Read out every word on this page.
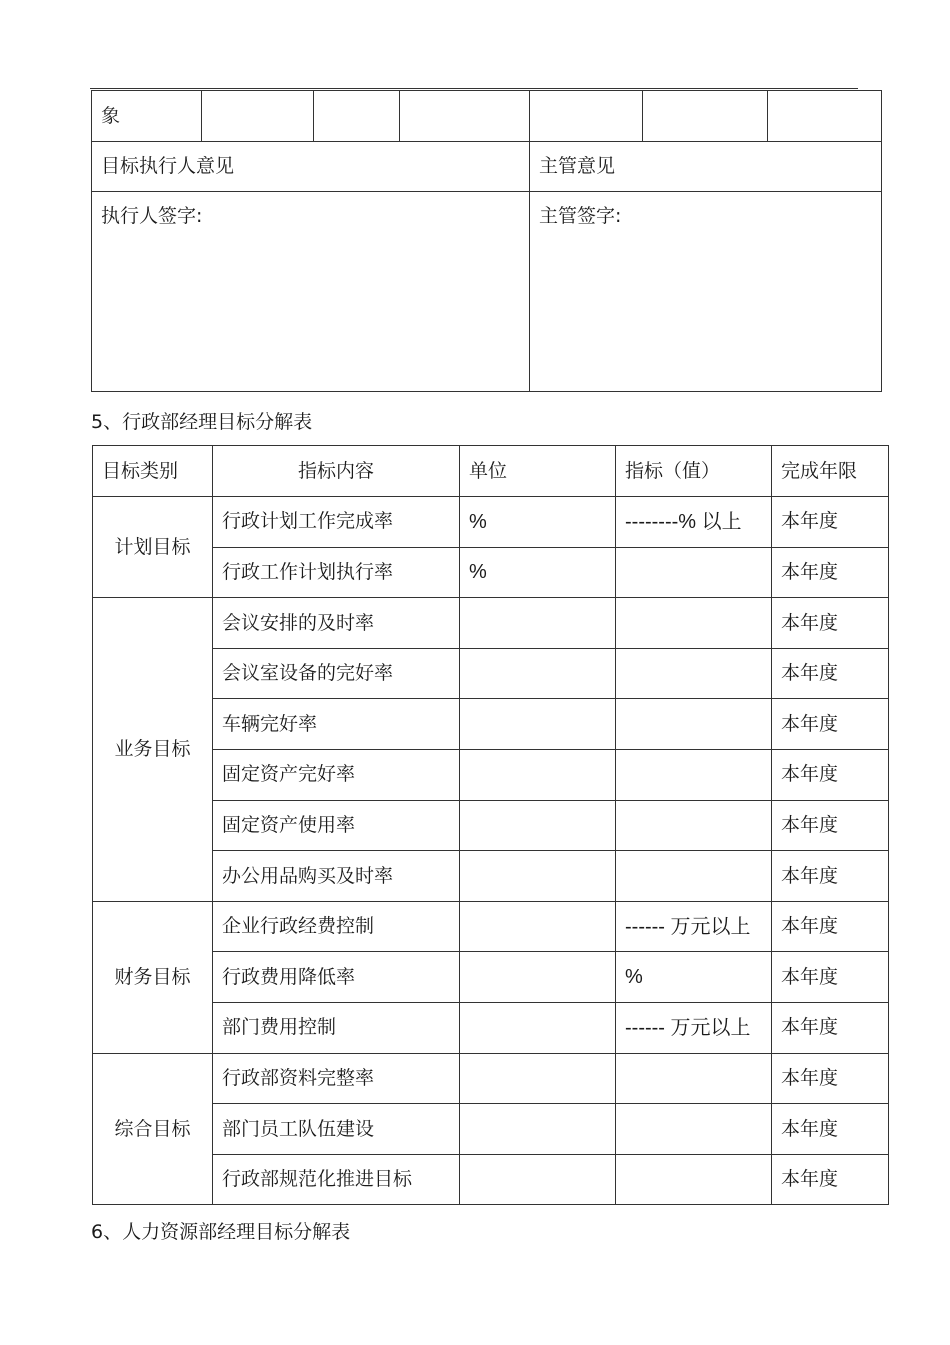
象						
目标执行人意见				主管意见		
执行人签字:				主管签字:		
5、行政部经理目标分解表
目标类别	指标内容	单位	指标（值）	完成年限
计划目标	行政计划工作完成率	%	--------% 以上	本年度
	行政工作计划执行率	%		本年度
业务目标	会议安排的及时率			本年度
	会议室设备的完好率			本年度
	车辆完好率			本年度
	固定资产完好率			本年度
	固定资产使用率			本年度
	办公用品购买及时率			本年度
财务目标	企业行政经费控制		------ 万元以上	本年度
	行政费用降低率		%	本年度
	部门费用控制		------ 万元以上	本年度
综合目标	行政部资料完整率			本年度
	部门员工队伍建设			本年度
	行政部规范化推进目标			本年度
6、人力资源部经理目标分解表
